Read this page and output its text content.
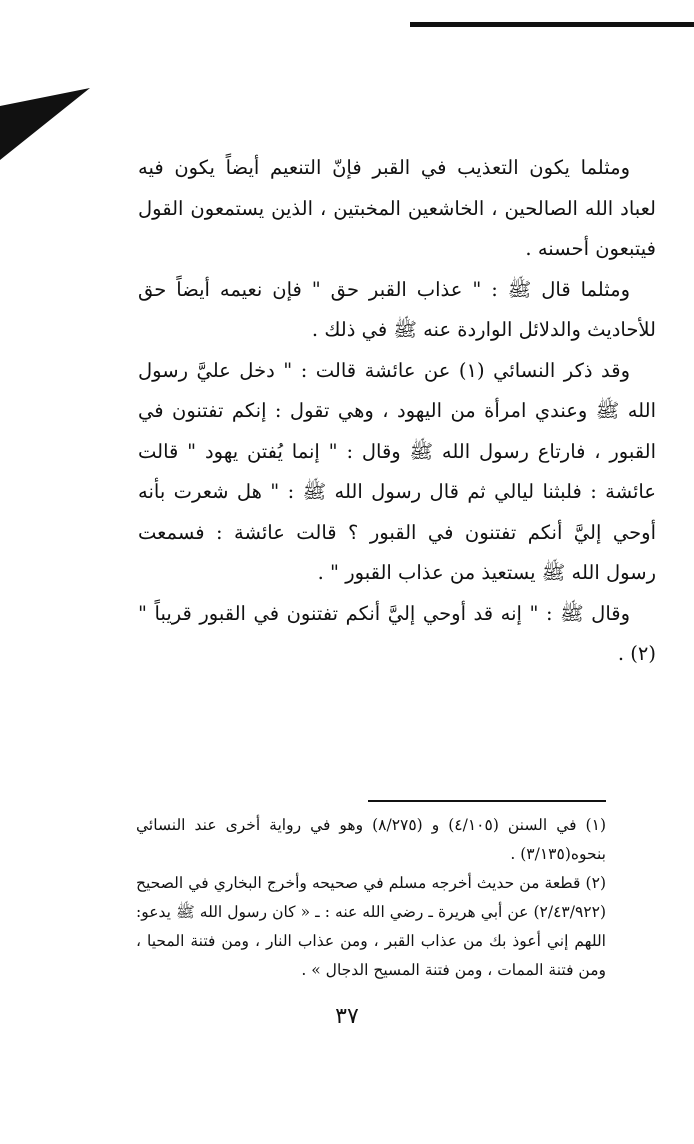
ومثلما يكون التعذيب في القبر فإنّ التنعيم أيضاً يكون فيه لعباد الله الصالحين ، الخاشعين المخبتين ، الذين يستمعون القول فيتبعون أحسنه .

ومثلما قال ﷺ : " عذاب القبر حق " فإن نعيمه أيضاً حق للأحاديث والدلائل الواردة عنه ﷺ في ذلك .

وقد ذكر النسائي (١) عن عائشة قالت : " دخل عليَّ رسول الله ﷺ وعندي امرأة من اليهود ، وهي تقول : إنكم تفتنون في القبور ، فارتاع رسول الله ﷺ وقال : " إنما يُفتن يهود " قالت عائشة : فلبثنا ليالي ثم قال رسول الله ﷺ : " هل شعرت بأنه أوحي إليَّ أنكم تفتنون في القبور ؟ قالت عائشة : فسمعت رسول الله ﷺ يستعيذ من عذاب القبور " .

وقال ﷺ : " إنه قد أوحي إليَّ أنكم تفتنون في القبور قريباً " (٢) .

(١) في السنن (٤/١٠٥) و (٨/٢٧٥) وهو في رواية أخرى عند النسائي بنحوه(٣/١٣٥) .

(٢) قطعة من حديث أخرجه مسلم في صحيحه وأخرج البخاري في الصحيح (٢/٤٣/٩٢٢) عن أبي هريرة ـ رضي الله عنه : ـ « كان رسول الله ﷺ يدعو: اللهم إني أعوذ بك من عذاب القبر ، ومن عذاب النار ، ومن فتنة المحيا ، ومن فتنة الممات ، ومن فتنة المسيح الدجال » .

٣٧
